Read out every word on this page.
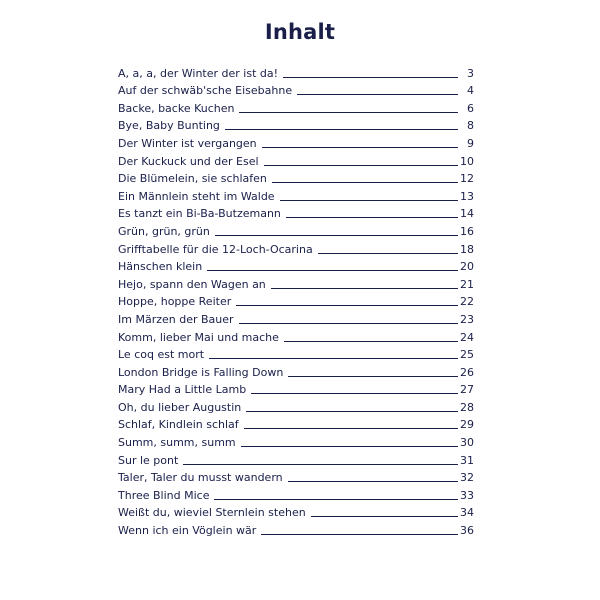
Inhalt
A, a, a, der Winter der ist da!	3
Auf der schwäb'sche Eisebahne	4
Backe, backe Kuchen	6
Bye, Baby Bunting	8
Der Winter ist vergangen	9
Der Kuckuck und der Esel	10
Die Blümelein, sie schlafen	12
Ein Männlein steht im Walde	13
Es tanzt ein Bi-Ba-Butzemann	14
Grün, grün, grün	16
Grifftabelle für die 12-Loch-Ocarina	18
Hänschen klein	20
Hejo, spann den Wagen an	21
Hoppe, hoppe Reiter	22
Im Märzen der Bauer	23
Komm, lieber Mai und mache	24
Le coq est mort	25
London Bridge is Falling Down	26
Mary Had a Little Lamb	27
Oh, du lieber Augustin	28
Schlaf, Kindlein schlaf	29
Summ, summ, summ	30
Sur le pont	31
Taler, Taler du musst wandern	32
Three Blind Mice	33
Weißt du, wieviel Sternlein stehen	34
Wenn ich ein Vöglein wär	36
